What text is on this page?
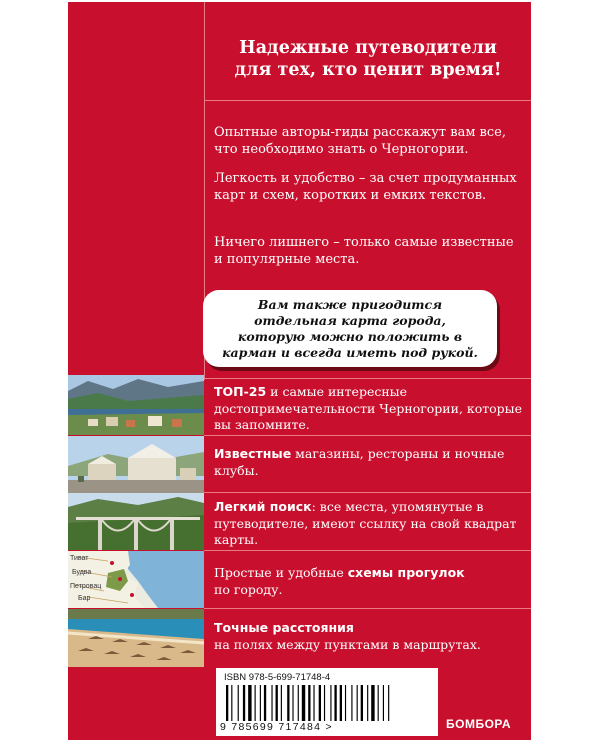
Надежные путеводители
для тех, кто ценит время!
Опытные авторы-гиды расскажут вам все, что необходимо знать о Черногории.
Легкость и удобство – за счет продуманных карт и схем, коротких и емких текстов.
Ничего лишнего – только самые известные и популярные места.
Вам также пригодится отдельная карта города, которую можно положить в карман и всегда иметь под рукой.
ТОП-25 и самые интересные достопримечательности Черногории, которые вы запомните.
Известные магазины, рестораны и ночные клубы.
Легкий поиск: все места, упомянутые в путеводителе, имеют ссылку на свой квадрат карты.
Тиват
Будва
Петровац
Бар
Простые и удобные схемы прогулок
по городу.
Точные расстояния
на полях между пунктами в маршрутах.
ISBN 978-5-699-71748-4
9 785699 717484 >	БОМБОРА
